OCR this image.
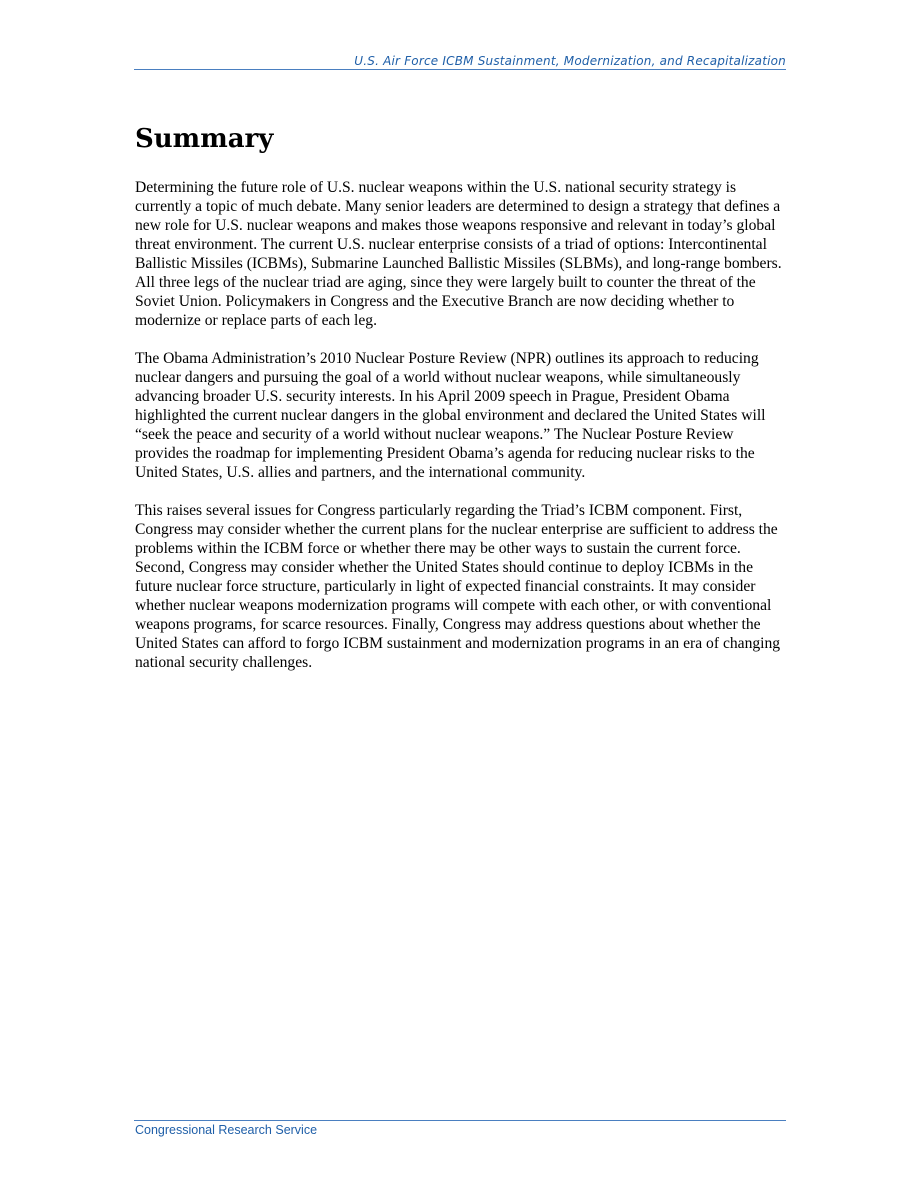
U.S. Air Force ICBM Sustainment, Modernization, and Recapitalization
Summary

Determining the future role of U.S. nuclear weapons within the U.S. national security strategy is currently a topic of much debate. Many senior leaders are determined to design a strategy that defines a new role for U.S. nuclear weapons and makes those weapons responsive and relevant in today’s global threat environment. The current U.S. nuclear enterprise consists of a triad of options: Intercontinental Ballistic Missiles (ICBMs), Submarine Launched Ballistic Missiles (SLBMs), and long-range bombers. All three legs of the nuclear triad are aging, since they were largely built to counter the threat of the Soviet Union. Policymakers in Congress and the Executive Branch are now deciding whether to modernize or replace parts of each leg.

The Obama Administration’s 2010 Nuclear Posture Review (NPR) outlines its approach to reducing nuclear dangers and pursuing the goal of a world without nuclear weapons, while simultaneously advancing broader U.S. security interests. In his April 2009 speech in Prague, President Obama highlighted the current nuclear dangers in the global environment and declared the United States will “seek the peace and security of a world without nuclear weapons.” The Nuclear Posture Review provides the roadmap for implementing President Obama’s agenda for reducing nuclear risks to the United States, U.S. allies and partners, and the international community.

This raises several issues for Congress particularly regarding the Triad’s ICBM component. First, Congress may consider whether the current plans for the nuclear enterprise are sufficient to address the problems within the ICBM force or whether there may be other ways to sustain the current force. Second, Congress may consider whether the United States should continue to deploy ICBMs in the future nuclear force structure, particularly in light of expected financial constraints. It may consider whether nuclear weapons modernization programs will compete with each other, or with conventional weapons programs, for scarce resources. Finally, Congress may address questions about whether the United States can afford to forgo ICBM sustainment and modernization programs in an era of changing national security challenges.

Congressional Research Service
